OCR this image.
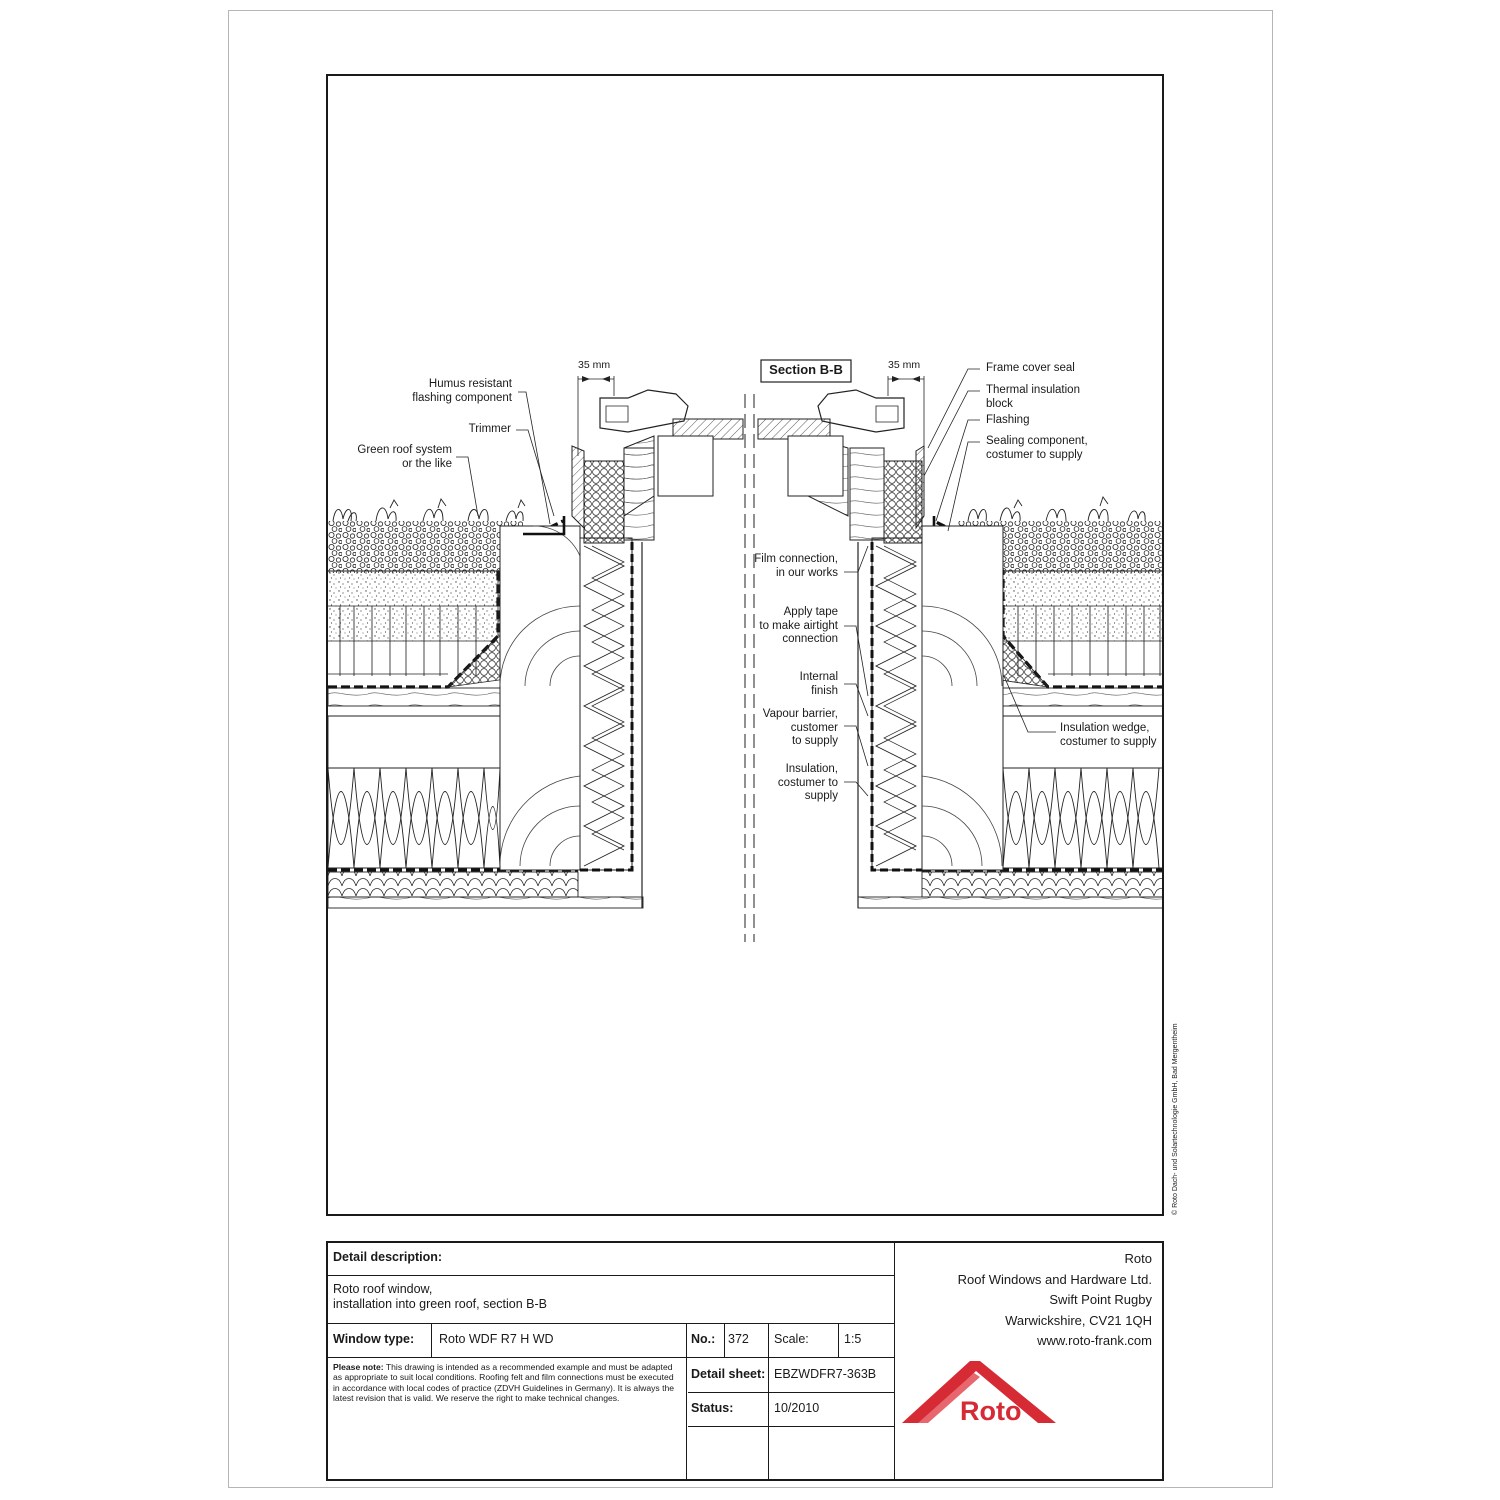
Section B-B
35 mm	35 mm
Humus resistant
flashing component
Trimmer
Green roof system
or the like
Film connection,
in our works
Apply tape
to make airtight
connection
Internal
finish
Vapour barrier,
customer
to supply
Insulation,
costumer to
supply
Frame cover seal
Thermal insulation
block
Flashing
Sealing component,
costumer to supply
Insulation wedge,
costumer to supply
© Roto Dach- und Solartechnologie GmbH, Bad Mergentheim
Detail description:
Roto roof window,
installation into green roof, section B-B
Window type: Roto WDF R7 H WD	No.: 372 Scale:	1:5
Detail sheet: EBZWDFR7-363B
Status:	10/2010
Please note: This drawing is intended as a recommended example and must be adapted as appropriate to suit local conditions. Roofing felt and film connections must be executed in accordance with local codes of practice (ZDVH Guidelines in Germany). It is always the latest revision that is valid. We reserve the right to make technical changes.
Roto
Roof Windows and Hardware Ltd.
Swift Point Rugby
Warwickshire, CV21 1QH
www.roto-frank.com
Roto
